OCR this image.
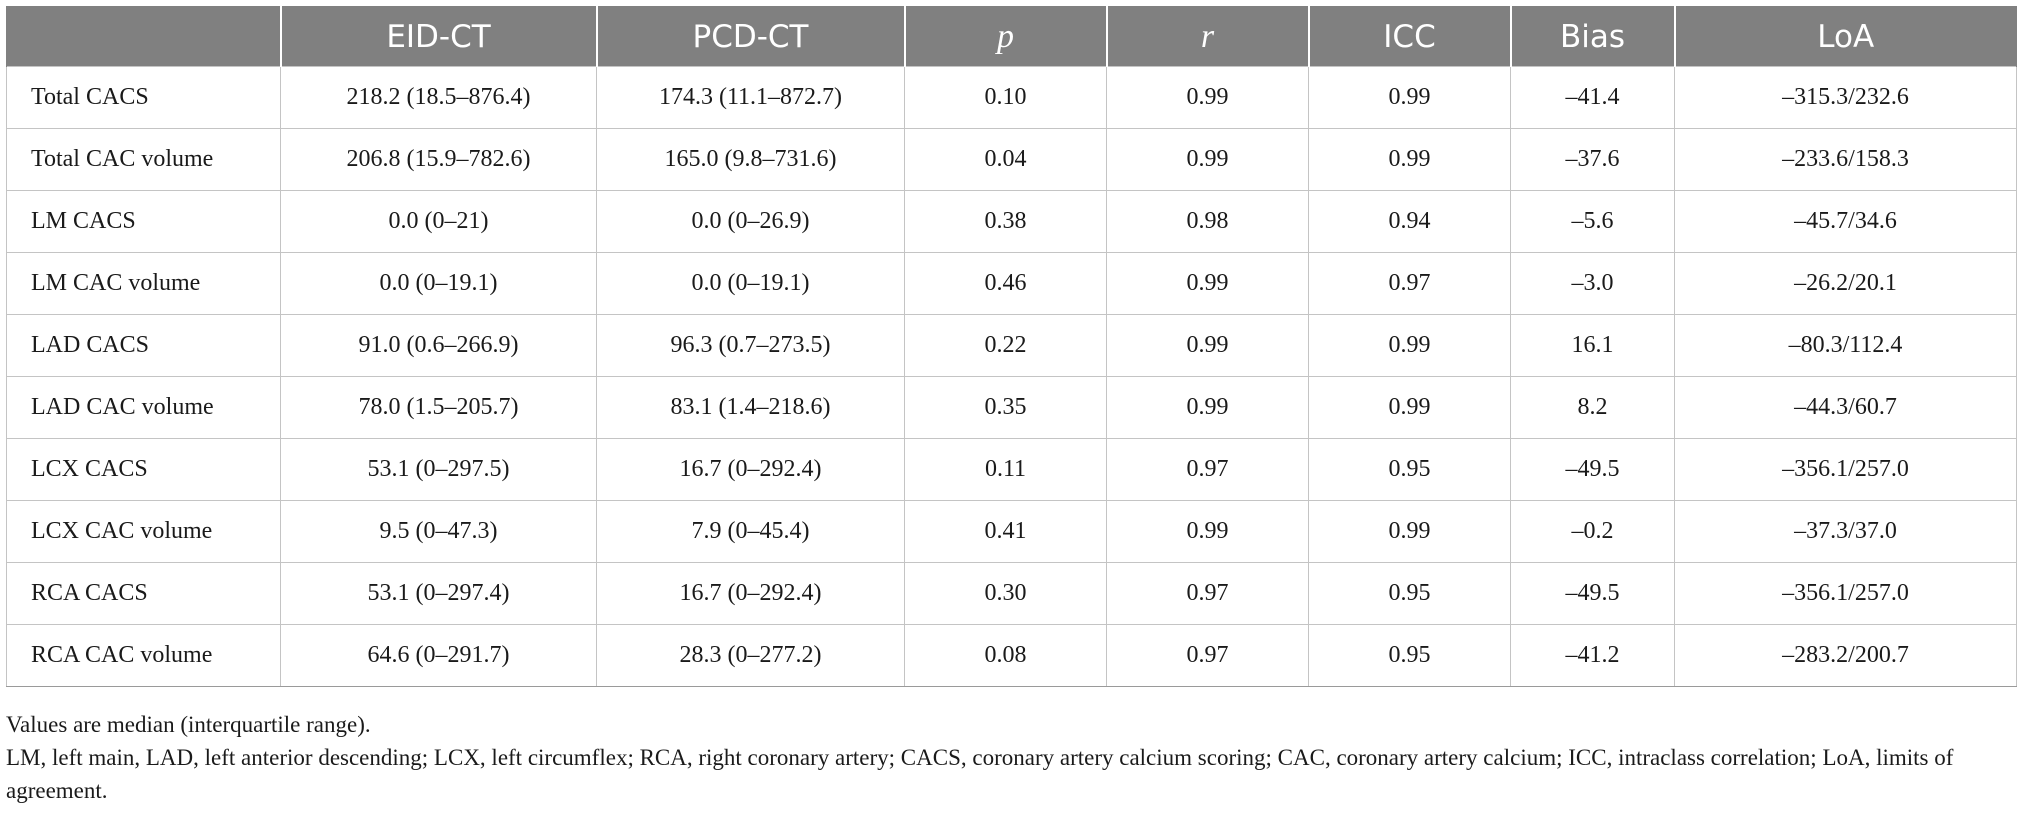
	EID-CT	PCD-CT	p	r	ICC	Bias	LoA
Total CACS	218.2 (18.5–876.4)	174.3 (11.1–872.7)	0.10	0.99	0.99	–41.4	–315.3/232.6
Total CAC volume	206.8 (15.9–782.6)	165.0 (9.8–731.6)	0.04	0.99	0.99	–37.6	–233.6/158.3
LM CACS	0.0 (0–21)	0.0 (0–26.9)	0.38	0.98	0.94	–5.6	–45.7/34.6
LM CAC volume	0.0 (0–19.1)	0.0 (0–19.1)	0.46	0.99	0.97	–3.0	–26.2/20.1
LAD CACS	91.0 (0.6–266.9)	96.3 (0.7–273.5)	0.22	0.99	0.99	16.1	–80.3/112.4
LAD CAC volume	78.0 (1.5–205.7)	83.1 (1.4–218.6)	0.35	0.99	0.99	8.2	–44.3/60.7
LCX CACS	53.1 (0–297.5)	16.7 (0–292.4)	0.11	0.97	0.95	–49.5	–356.1/257.0
LCX CAC volume	9.5 (0–47.3)	7.9 (0–45.4)	0.41	0.99	0.99	–0.2	–37.3/37.0
RCA CACS	53.1 (0–297.4)	16.7 (0–292.4)	0.30	0.97	0.95	–49.5	–356.1/257.0
RCA CAC volume	64.6 (0–291.7)	28.3 (0–277.2)	0.08	0.97	0.95	–41.2	–283.2/200.7

Values are median (interquartile range).

LM, left main, LAD, left anterior descending; LCX, left circumflex; RCA, right coronary artery; CACS, coronary artery calcium scoring; CAC, coronary artery calcium; ICC, intraclass correlation; LoA, limits of agreement.
